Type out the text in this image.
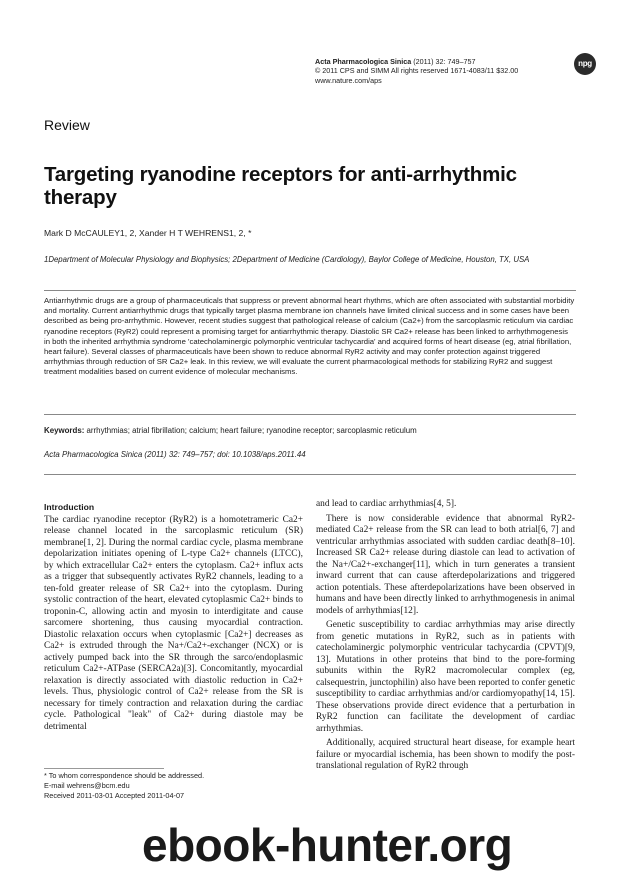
Acta Pharmacologica Sinica (2011) 32: 749–757
© 2011 CPS and SIMM All rights reserved 1671-4083/11 $32.00
www.nature.com/aps
npg
Review
Targeting ryanodine receptors for anti-arrhythmic therapy
Mark D McCAULEY1, 2, Xander H T WEHRENS1, 2, *
1Department of Molecular Physiology and Biophysics; 2Department of Medicine (Cardiology), Baylor College of Medicine, Houston, TX, USA
Antiarrhythmic drugs are a group of pharmaceuticals that suppress or prevent abnormal heart rhythms, which are often associated with substantial morbidity and mortality. Current antiarrhythmic drugs that typically target plasma membrane ion channels have limited clinical success and in some cases have been described as being pro-arrhythmic. However, recent studies suggest that pathological release of calcium (Ca2+) from the sarcoplasmic reticulum via cardiac ryanodine receptors (RyR2) could represent a promising target for antiarrhythmic therapy. Diastolic SR Ca2+ release has been linked to arrhythmogenesis in both the inherited arrhythmia syndrome 'catecholaminergic polymorphic ventricular tachycardia' and acquired forms of heart disease (eg, atrial fibrillation, heart failure). Several classes of pharmaceuticals have been shown to reduce abnormal RyR2 activity and may confer protection against triggered arrhythmias through reduction of SR Ca2+ leak. In this review, we will evaluate the current pharmacological methods for stabilizing RyR2 and suggest treatment modalities based on current evidence of molecular mechanisms.
Keywords: arrhythmias; atrial fibrillation; calcium; heart failure; ryanodine receptor; sarcoplasmic reticulum
Acta Pharmacologica Sinica (2011) 32: 749–757; doi: 10.1038/aps.2011.44
Introduction

The cardiac ryanodine receptor (RyR2) is a homotetrameric Ca2+ release channel located in the sarcoplasmic reticulum (SR) membrane[1, 2]. During the normal cardiac cycle, plasma membrane depolarization initiates opening of L-type Ca2+ channels (LTCC), by which extracellular Ca2+ enters the cytoplasm. Ca2+ influx acts as a trigger that subsequently activates RyR2 channels, leading to a ten-fold greater release of SR Ca2+ into the cytoplasm. During systolic contraction of the heart, elevated cytoplasmic Ca2+ binds to troponin-C, allowing actin and myosin to interdigitate and cause sarcomere shortening, thus causing myocardial contraction. Diastolic relaxation occurs when cytoplasmic [Ca2+] decreases as Ca2+ is extruded through the Na+/Ca2+-exchanger (NCX) or is actively pumped back into the SR through the sarco/endoplasmic reticulum Ca2+-ATPase (SERCA2a)[3]. Concomitantly, myocardial relaxation is directly associated with diastolic reduction in Ca2+ levels. Thus, physiologic control of Ca2+ release from the SR is necessary for timely contraction and relaxation during the cardiac cycle. Pathological "leak" of Ca2+ during diastole may be detrimental

and lead to cardiac arrhythmias[4, 5].

There is now considerable evidence that abnormal RyR2-mediated Ca2+ release from the SR can lead to both atrial[6, 7] and ventricular arrhythmias associated with sudden cardiac death[8–10]. Increased SR Ca2+ release during diastole can lead to activation of the Na+/Ca2+-exchanger[11], which in turn generates a transient inward current that can cause afterdepolarizations and triggered action potentials. These afterdepolarizations have been observed in humans and have been directly linked to arrhythmogenesis in animal models of arrhythmias[12].

Genetic susceptibility to cardiac arrhythmias may arise directly from genetic mutations in RyR2, such as in patients with catecholaminergic polymorphic ventricular tachycardia (CPVT)[9, 13]. Mutations in other proteins that bind to the pore-forming subunits within the RyR2 macromolecular complex (eg, calsequestrin, junctophilin) also have been reported to confer genetic susceptibility to cardiac arrhythmias and/or cardiomyopathy[14, 15]. These observations provide direct evidence that a perturbation in RyR2 function can facilitate the development of cardiac arrhythmias.

Additionally, acquired structural heart disease, for example heart failure or myocardial ischemia, has been shown to modify the post-translational regulation of RyR2 through

* To whom correspondence should be addressed.
E-mail wehrens@bcm.edu
Received 2011-03-01 Accepted 2011-04-07
ebook-hunter.org
